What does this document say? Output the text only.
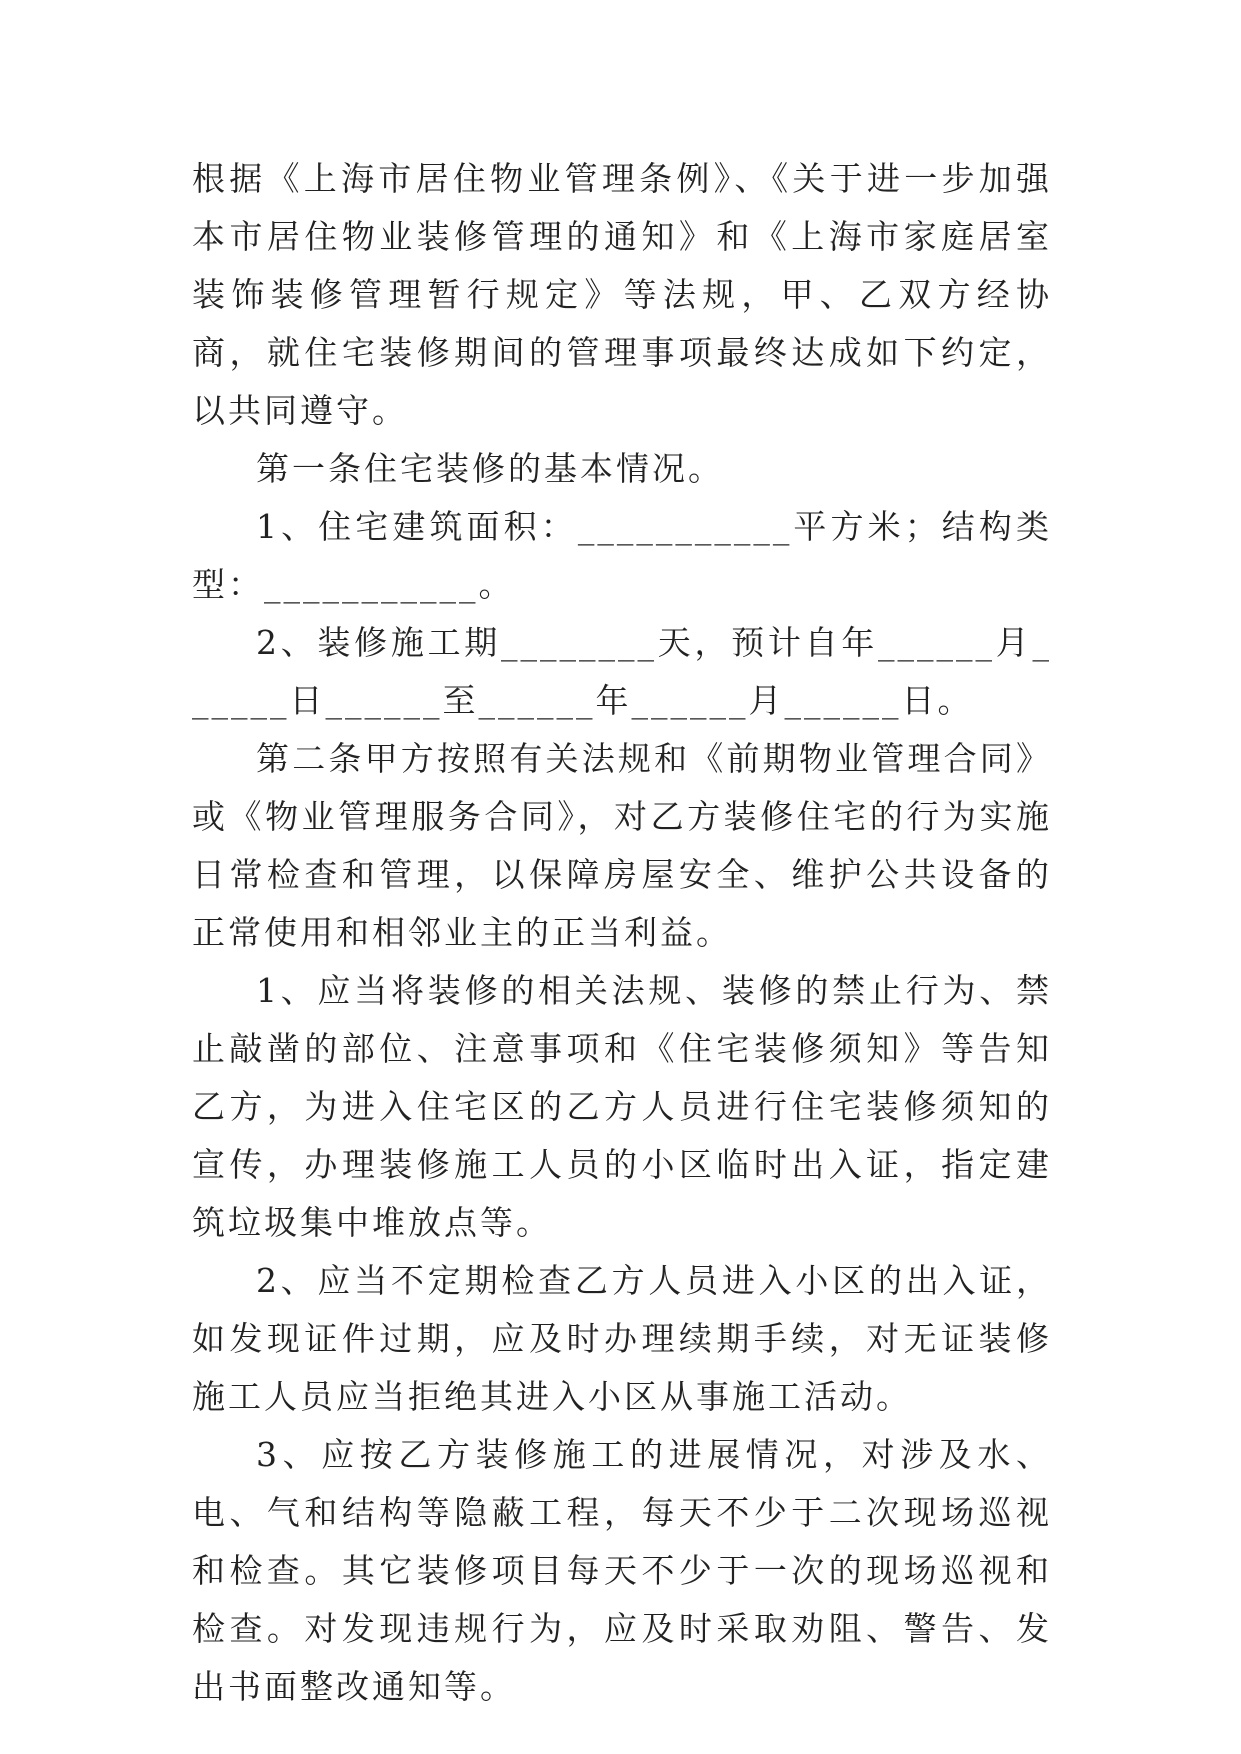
根据《上海市居住物业管理条例》、《关于进一步加强本市居住物业装修管理的通知》和《上海市家庭居室装饰装修管理暂行规定》等法规，甲、乙双方经协商，就住宅装修期间的管理事项最终达成如下约定，以共同遵守。

第一条住宅装修的基本情况。

1、住宅建筑面积：___________平方米；结构类型：___________。

2、装修施工期________天，预计自年______月______日______至______年______月______日。

第二条甲方按照有关法规和《前期物业管理合同》或《物业管理服务合同》，对乙方装修住宅的行为实施日常检查和管理，以保障房屋安全、维护公共设备的正常使用和相邻业主的正当利益。

1、应当将装修的相关法规、装修的禁止行为、禁止敲凿的部位、注意事项和《住宅装修须知》等告知乙方，为进入住宅区的乙方人员进行住宅装修须知的宣传，办理装修施工人员的小区临时出入证，指定建筑垃圾集中堆放点等。

2、应当不定期检查乙方人员进入小区的出入证，如发现证件过期，应及时办理续期手续，对无证装修施工人员应当拒绝其进入小区从事施工活动。

3、应按乙方装修施工的进展情况，对涉及水、电、气和结构等隐蔽工程，每天不少于二次现场巡视和检查。其它装修项目每天不少于一次的现场巡视和检查。对发现违规行为，应及时采取劝阻、警告、发出书面整改通知等。
